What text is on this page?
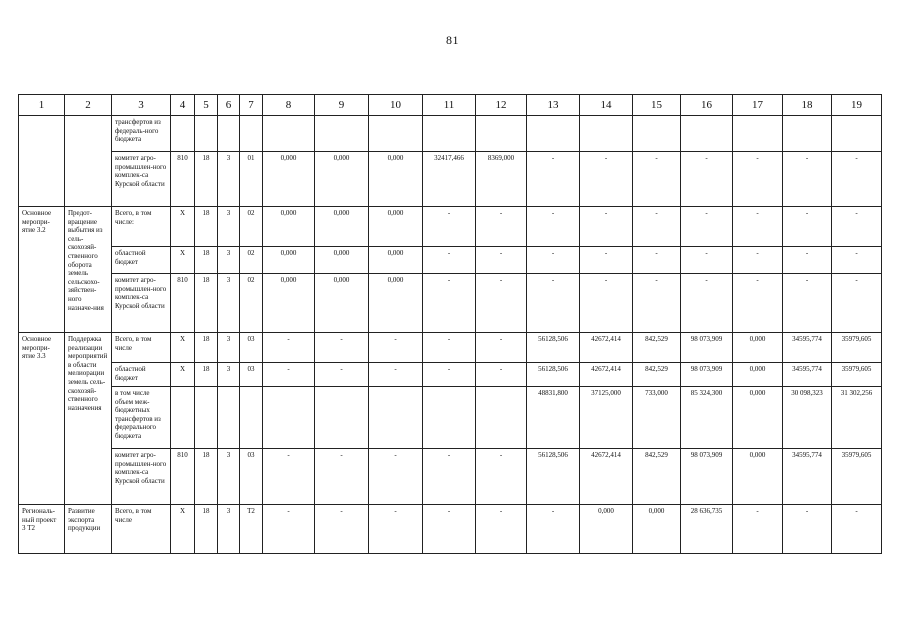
81
1	2	3	4	5	6	7	8	9	10	11	12	13	14	15	16	17	18	19
		трансфертов из федераль-ного бюджета																
		комитет агро-промышлен-ного комплек-са Курской области	810	18	3	01	0,000	0,000	0,000	32417,466	8369,000	-	-	-	-	-	-	-
Основное меропри-ятие 3.2	Предот-вращение выбытия из сель-скохозяй-ственного оборота земель сельскохо-зяйствен-ного назначе-ния	Всего, в том числе:	X	18	3	02	0,000	0,000	0,000	-	-	-	-	-	-	-	-	-
		областной бюджет	X	18	3	02	0,000	0,000	0,000	-	-	-	-	-	-	-	-	-
		комитет агро-промышлен-ного комплек-са Курской области	810	18	3	02	0,000	0,000	0,000	-	-	-	-	-	-	-	-	-
Основное меропри-ятие 3.3	Поддержка реализации мероприятий в области мелиорации земель сель-скохозяй-ственного назначения	Всего, в том числе	X	18	3	03	-	-	-	-	-	56128,506	42672,414	842,529	98 073,909	0,000	34595,774	35979,605
		областной бюджет	X	18	3	03	-	-	-	-	-	56128,506	42672,414	842,529	98 073,909	0,000	34595,774	35979,605
		в том числе объем меж-бюджетных трансфертов из федерального бюджета										48831,800	37125,000	733,000	85 324,300	0,000	30 098,323	31 302,256
		комитет агро-промышлен-ного комплек-са Курской области	810	18	3	03	-	-	-	-	-	56128,506	42672,414	842,529	98 073,909	0,000	34595,774	35979,605
Региональ-ный проект 3 Т2	Развитие экспорта продукции	Всего, в том числе	X	18	3	Т2	-	-	-	-	-	-	0,000	0,000	28 636,735	-	-	-
